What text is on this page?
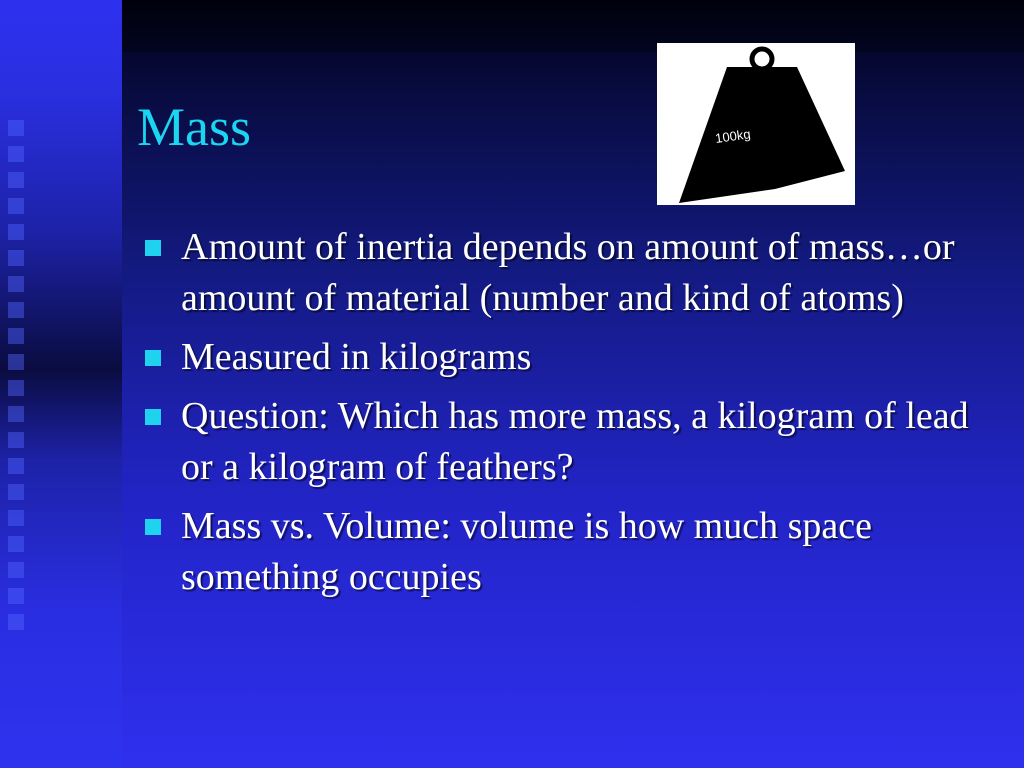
Mass	100kg
Amount of inertia depends on amount of mass…or amount of material (number and kind of atoms)
Measured in kilograms
Question: Which has more mass, a kilogram of lead or a kilogram of feathers?
Mass vs. Volume: volume is how much space something occupies
